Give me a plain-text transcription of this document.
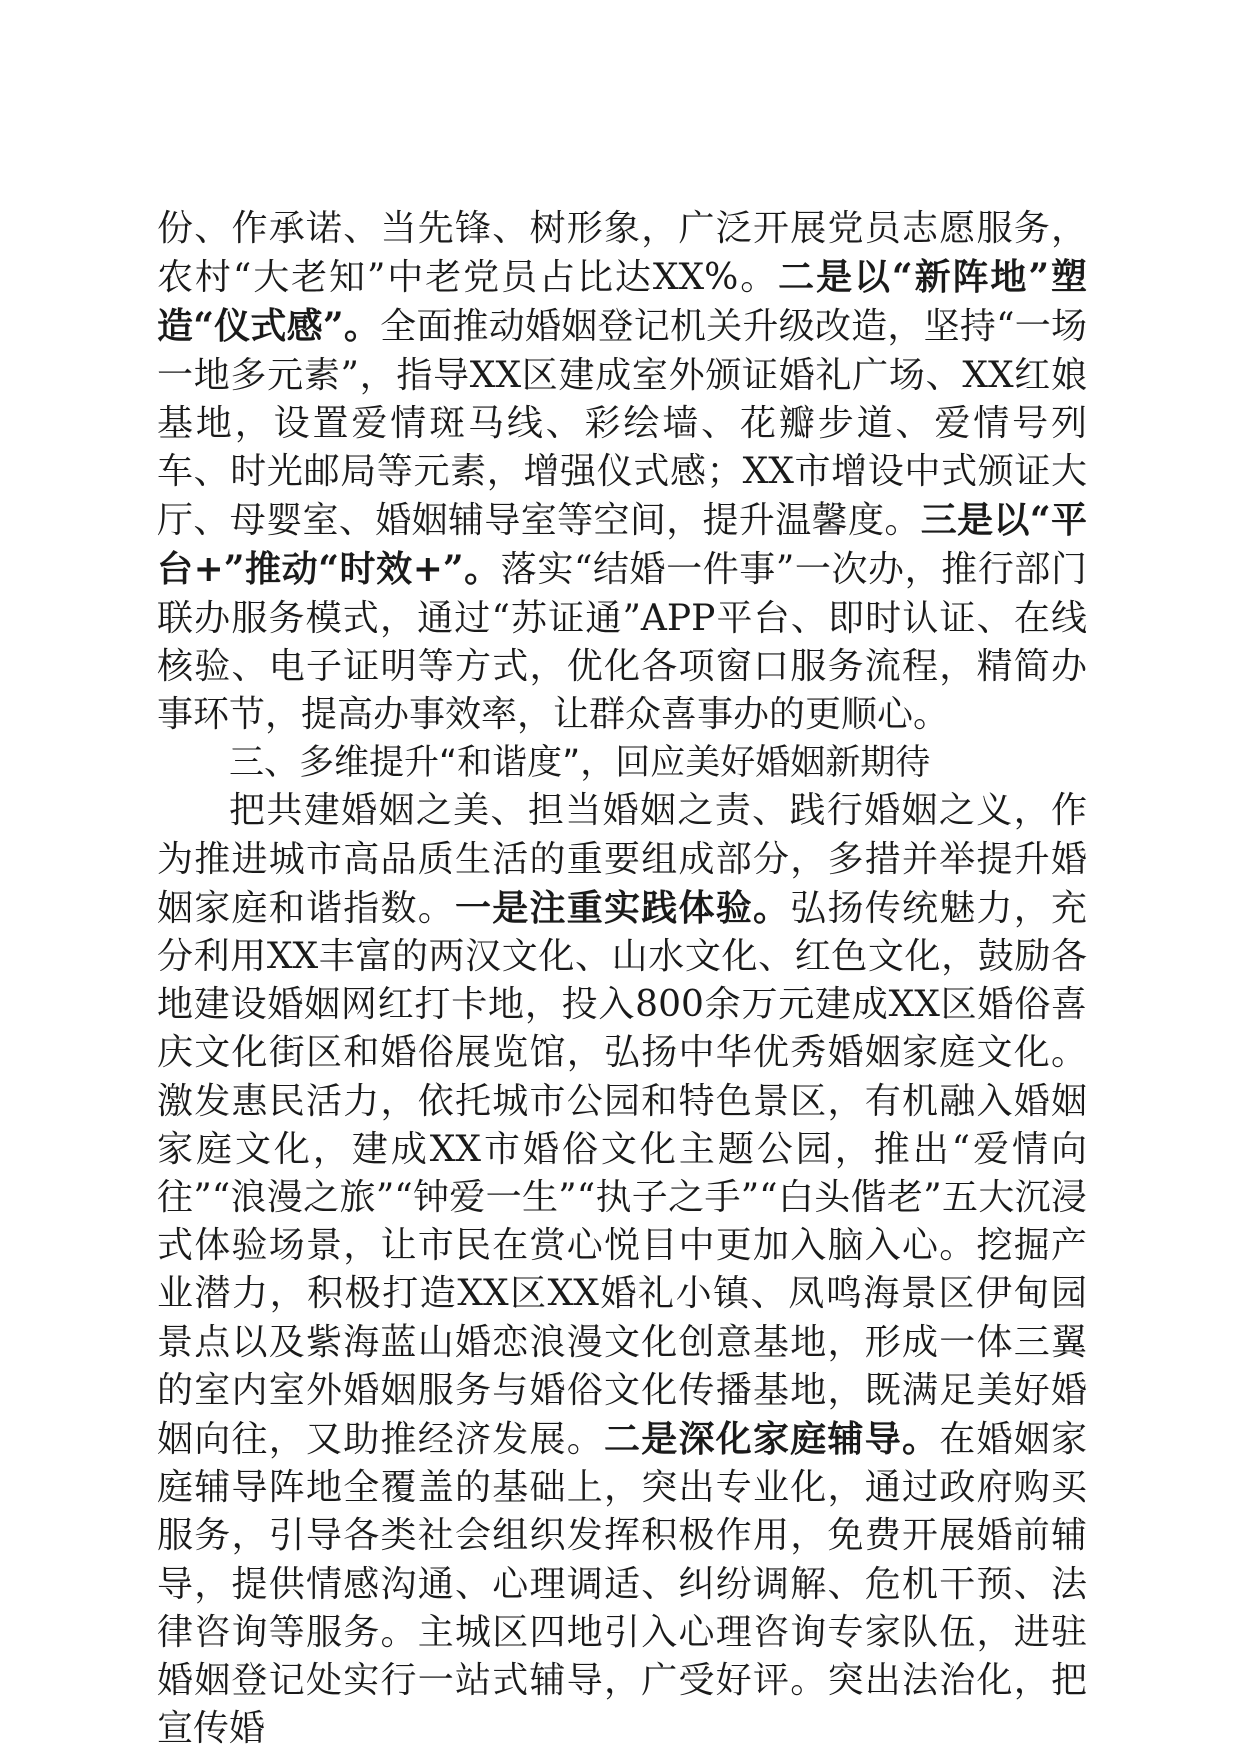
份、作承诺、当先锋、树形象，广泛开展党员志愿服务，农村“大老知”中老党员占比达XX%。二是以“新阵地”塑造“仪式感”。全面推动婚姻登记机关升级改造，坚持“一场一地多元素”，指导XX区建成室外颁证婚礼广场、XX红娘基地，设置爱情斑马线、彩绘墙、花瓣步道、爱情号列车、时光邮局等元素，增强仪式感；XX市增设中式颁证大厅、母婴室、婚姻辅导室等空间，提升温馨度。三是以“平台+”推动“时效+”。落实“结婚一件事”一次办，推行部门联办服务模式，通过“苏证通”APP平台、即时认证、在线核验、电子证明等方式，优化各项窗口服务流程，精简办事环节，提高办事效率，让群众喜事办的更顺心。

三、多维提升“和谐度”，回应美好婚姻新期待

把共建婚姻之美、担当婚姻之责、践行婚姻之义，作为推进城市高品质生活的重要组成部分，多措并举提升婚姻家庭和谐指数。一是注重实践体验。弘扬传统魅力，充分利用XX丰富的两汉文化、山水文化、红色文化，鼓励各地建设婚姻网红打卡地，投入800余万元建成XX区婚俗喜庆文化街区和婚俗展览馆，弘扬中华优秀婚姻家庭文化。激发惠民活力，依托城市公园和特色景区，有机融入婚姻家庭文化，建成XX市婚俗文化主题公园，推出“爱情向往”“浪漫之旅”“钟爱一生”“执子之手”“白头偕老”五大沉浸式体验场景，让市民在赏心悦目中更加入脑入心。挖掘产业潜力，积极打造XX区XX婚礼小镇、凤鸣海景区伊甸园景点以及紫海蓝山婚恋浪漫文化创意基地，形成一体三翼的室内室外婚姻服务与婚俗文化传播基地，既满足美好婚姻向往，又助推经济发展。二是深化家庭辅导。在婚姻家庭辅导阵地全覆盖的基础上，突出专业化，通过政府购买服务，引导各类社会组织发挥积极作用，免费开展婚前辅导，提供情感沟通、心理调适、纠纷调解、危机干预、法律咨询等服务。主城区四地引入心理咨询专家队伍，进驻婚姻登记处实行一站式辅导，广受好评。突出法治化，把宣传婚
